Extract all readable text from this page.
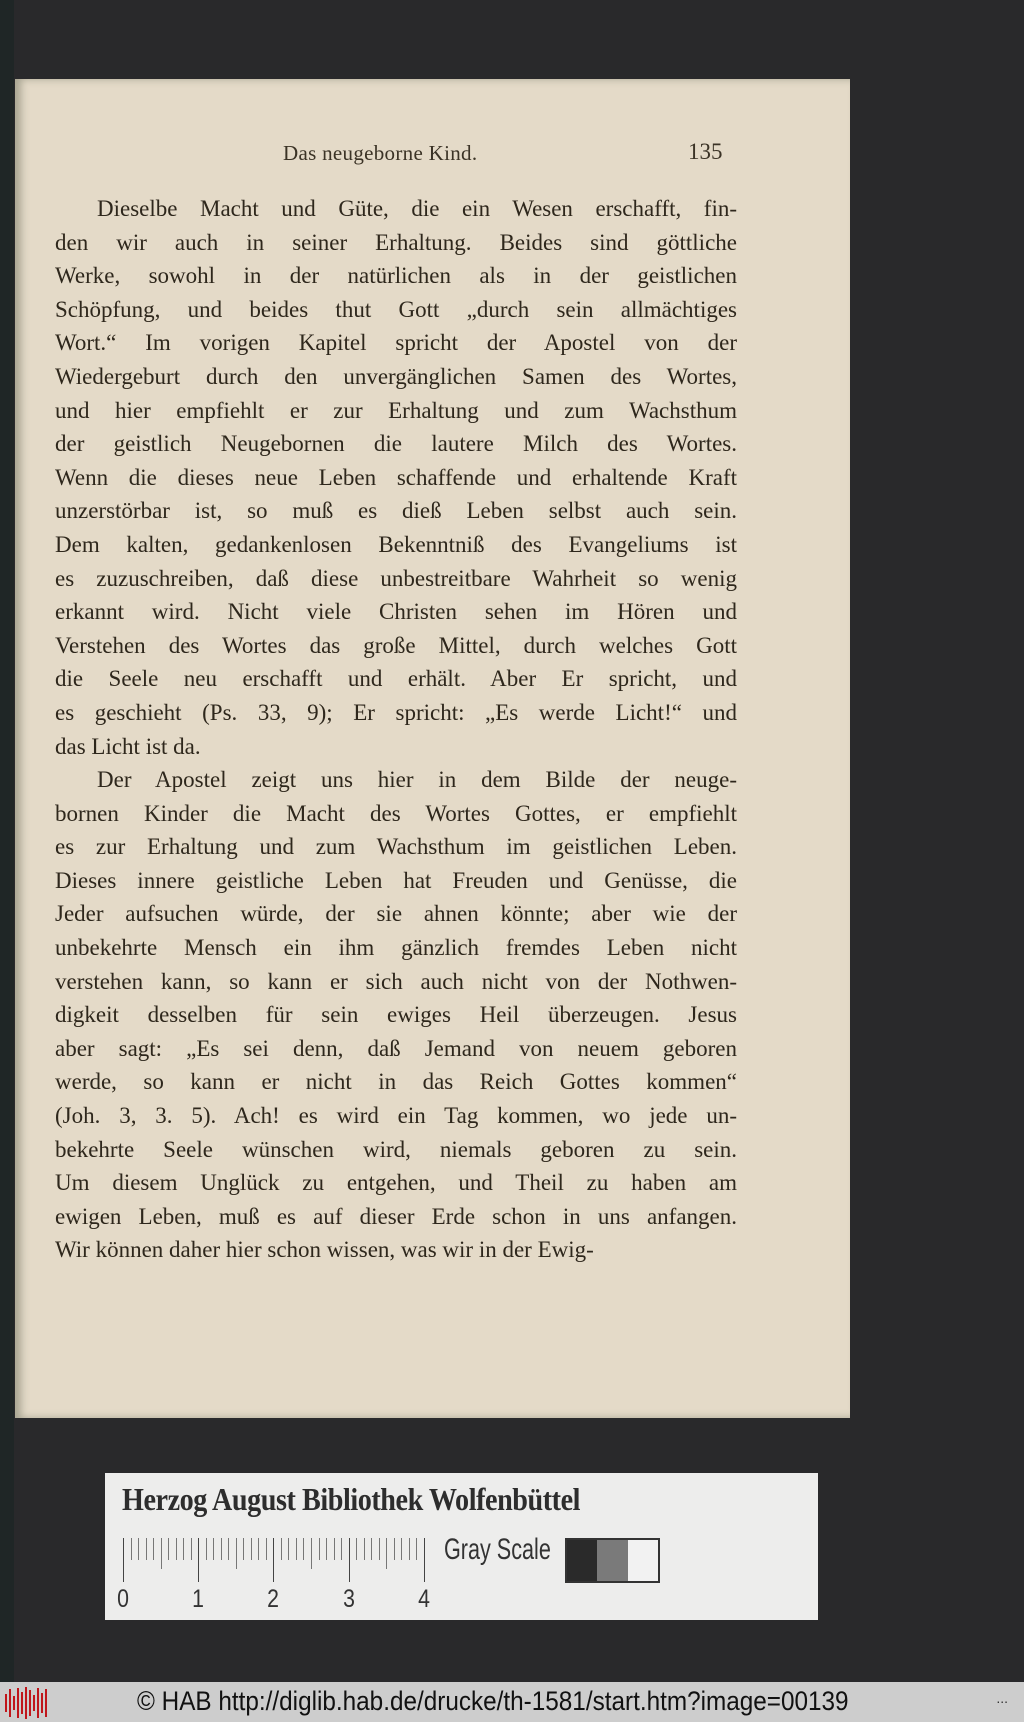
Das neugeborne Kind.	135
Dieselbe Macht und Güte, die ein Wesen erschafft, fin-
den wir auch in seiner Erhaltung. Beides sind göttliche
Werke, sowohl in der natürlichen als in der geistlichen
Schöpfung, und beides thut Gott „durch sein allmächtiges
Wort.“ Im vorigen Kapitel spricht der Apostel von der
Wiedergeburt durch den unvergänglichen Samen des Wortes,
und hier empfiehlt er zur Erhaltung und zum Wachsthum
der geistlich Neugebornen die lautere Milch des Wortes.
Wenn die dieses neue Leben schaffende und erhaltende Kraft
unzerstörbar ist, so muß es dieß Leben selbst auch sein.
Dem kalten, gedankenlosen Bekenntniß des Evangeliums ist
es zuzuschreiben, daß diese unbestreitbare Wahrheit so wenig
erkannt wird. Nicht viele Christen sehen im Hören und
Verstehen des Wortes das große Mittel, durch welches Gott
die Seele neu erschafft und erhält. Aber Er spricht, und
es geschieht (Ps. 33, 9); Er spricht: „Es werde Licht!“ und
das Licht ist da.
Der Apostel zeigt uns hier in dem Bilde der neuge-
bornen Kinder die Macht des Wortes Gottes, er empfiehlt
es zur Erhaltung und zum Wachsthum im geistlichen Leben.
Dieses innere geistliche Leben hat Freuden und Genüsse, die
Jeder aufsuchen würde, der sie ahnen könnte; aber wie der
unbekehrte Mensch ein ihm gänzlich fremdes Leben nicht
verstehen kann, so kann er sich auch nicht von der Nothwen-
digkeit desselben für sein ewiges Heil überzeugen. Jesus
aber sagt: „Es sei denn, daß Jemand von neuem geboren
werde, so kann er nicht in das Reich Gottes kommen“
(Joh. 3, 3. 5). Ach! es wird ein Tag kommen, wo jede un-
bekehrte Seele wünschen wird, niemals geboren zu sein.
Um diesem Unglück zu entgehen, und Theil zu haben am
ewigen Leben, muß es auf dieser Erde schon in uns anfangen.
Wir können daher hier schon wissen, was wir in der Ewig-
Herzog August Bibliothek Wolfenbüttel
0	1	2	3	4
Gray Scale
© HAB http://diglib.hab.de/drucke/th-1581/start.htm?image=00139	...
